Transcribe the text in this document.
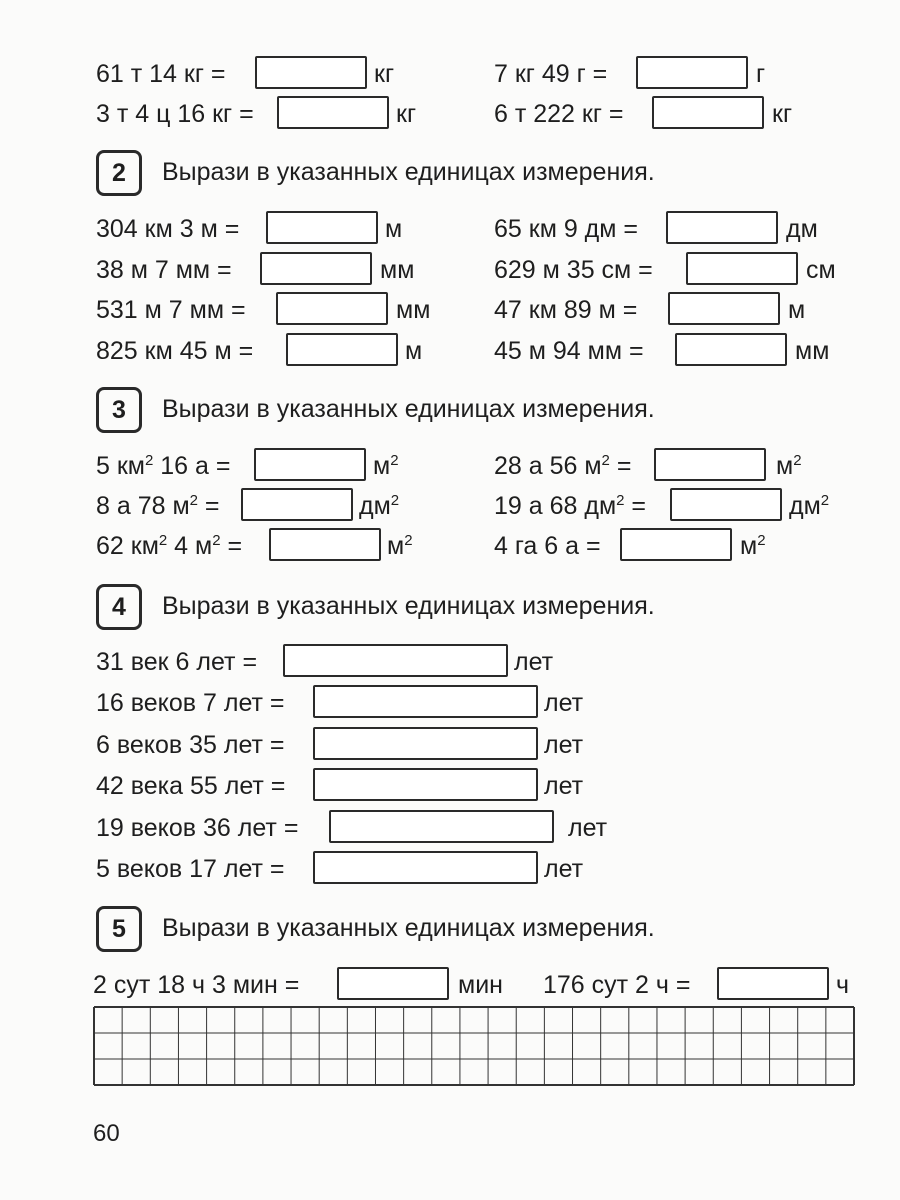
61 т 14 кг =	кг	7 кг 49 г =	г
3 т 4 ц 16 кг =	кг	6 т 222 кг =	кг
2	Вырази в указанных единицах измерения.
304 км 3 м =	м	65 км 9 дм =	дм
38 м 7 мм =	мм	629 м 35 см =	см
531 м 7 мм =	мм	47 км 89 м =	м
825 км 45 м =	м	45 м 94 мм =	мм
3	Вырази в указанных единицах измерения.
5 $км^2$ 16 а =	$м^2$	28 а 56 $м^2$ =	$м^2$
8 а 78 $м^2$ =	$дм^2$	19 а 68 $дм^2$ =	$дм^2$
62 $км^2$ 4 $м^2$ =	$м^2$	4 га 6 а =	$м^2$
4	Вырази в указанных единицах измерения.
31 век 6 лет =	лет
16 веков 7 лет =	лет
6 веков 35 лет =	лет
42 века 55 лет =	лет
19 веков 36 лет =	лет
5 веков 17 лет =	лет
5	Вырази в указанных единицах измерения.
2 сут 18 ч 3 мин =	мин 176 сут 2 ч =	ч
60
